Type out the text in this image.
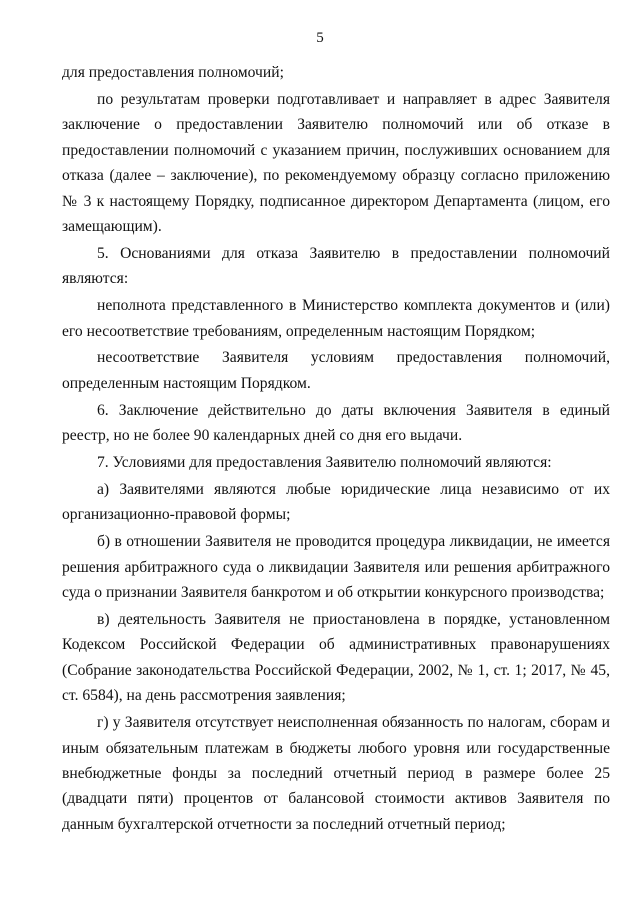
5

для предоставления полномочий;

по результатам проверки подготавливает и направляет в адрес Заявителя заключение о предоставлении Заявителю полномочий или об отказе в предоставлении полномочий с указанием причин, послуживших основанием для отказа (далее – заключение), по рекомендуемому образцу согласно приложению № 3 к настоящему Порядку, подписанное директором Департамента (лицом, его замещающим).

5. Основаниями для отказа Заявителю в предоставлении полномочий являются:

неполнота представленного в Министерство комплекта документов и (или) его несоответствие требованиям, определенным настоящим Порядком;

несоответствие Заявителя условиям предоставления полномочий, определенным настоящим Порядком.

6. Заключение действительно до даты включения Заявителя в единый реестр, но не более 90 календарных дней со дня его выдачи.

7. Условиями для предоставления Заявителю полномочий являются:

а) Заявителями являются любые юридические лица независимо от их организационно-правовой формы;

б) в отношении Заявителя не проводится процедура ликвидации, не имеется решения арбитражного суда о ликвидации Заявителя или решения арбитражного суда о признании Заявителя банкротом и об открытии конкурсного производства;

в) деятельность Заявителя не приостановлена в порядке, установленном Кодексом Российской Федерации об административных правонарушениях (Собрание законодательства Российской Федерации, 2002, № 1, ст. 1; 2017, № 45, ст. 6584), на день рассмотрения заявления;

г) у Заявителя отсутствует неисполненная обязанность по налогам, сборам и иным обязательным платежам в бюджеты любого уровня или государственные внебюджетные фонды за последний отчетный период в размере более 25 (двадцати пяти) процентов от балансовой стоимости активов Заявителя по данным бухгалтерской отчетности за последний отчетный период;
